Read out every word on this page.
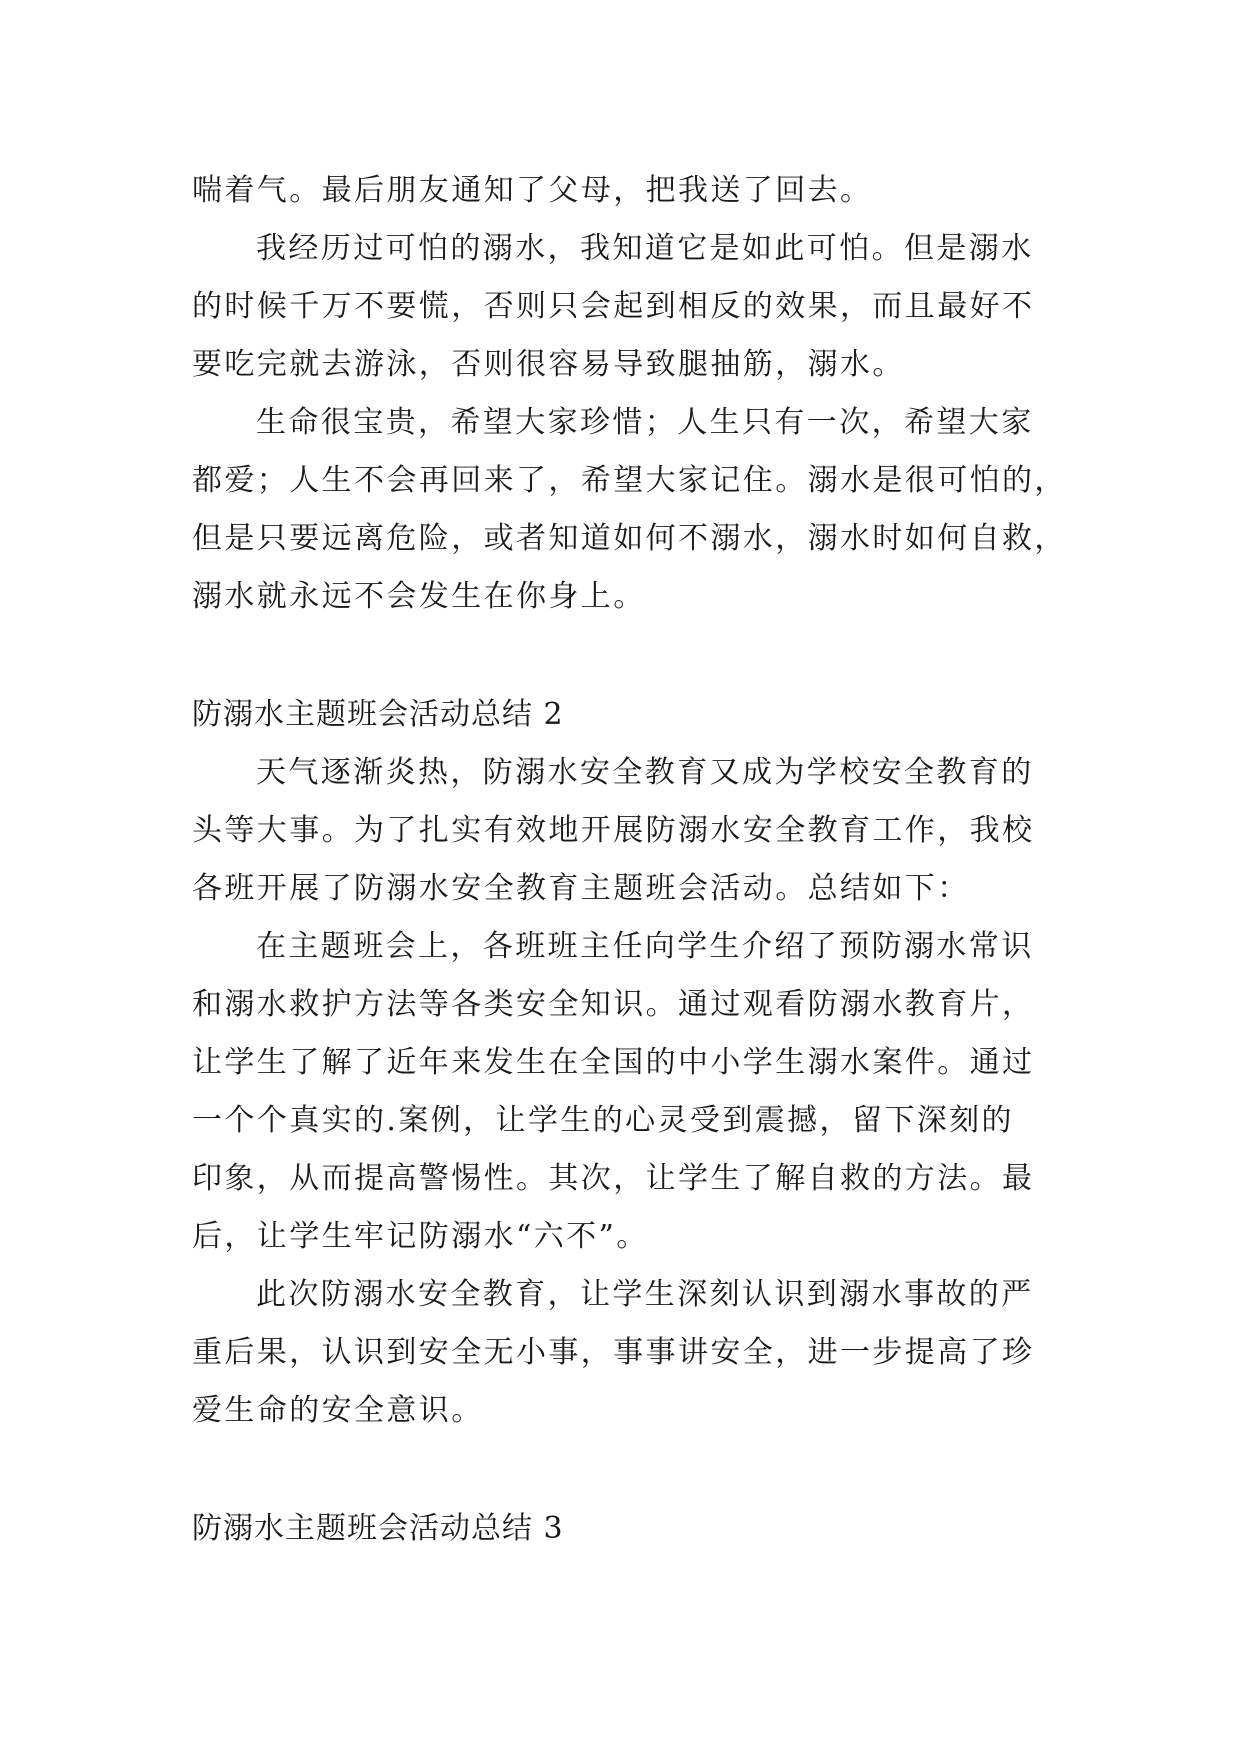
喘着气。最后朋友通知了父母，把我送了回去。
我经历过可怕的溺水，我知道它是如此可怕。但是溺水
的时候千万不要慌，否则只会起到相反的效果，而且最好不
要吃完就去游泳，否则很容易导致腿抽筋，溺水。
生命很宝贵，希望大家珍惜；人生只有一次，希望大家
都爱；人生不会再回来了，希望大家记住。溺水是很可怕的，
但是只要远离危险，或者知道如何不溺水，溺水时如何自救，
溺水就永远不会发生在你身上。
防溺水主题班会活动总结 2
天气逐渐炎热，防溺水安全教育又成为学校安全教育的
头等大事。为了扎实有效地开展防溺水安全教育工作，我校
各班开展了防溺水安全教育主题班会活动。总结如下：
在主题班会上，各班班主任向学生介绍了预防溺水常识
和溺水救护方法等各类安全知识。通过观看防溺水教育片，
让学生了解了近年来发生在全国的中小学生溺水案件。通过
一个个真实的.案例，让学生的心灵受到震撼，留下深刻的
印象，从而提高警惕性。其次，让学生了解自救的方法。最
后，让学生牢记防溺水“六不”。
此次防溺水安全教育，让学生深刻认识到溺水事故的严
重后果，认识到安全无小事，事事讲安全，进一步提高了珍
爱生命的安全意识。
防溺水主题班会活动总结 3
